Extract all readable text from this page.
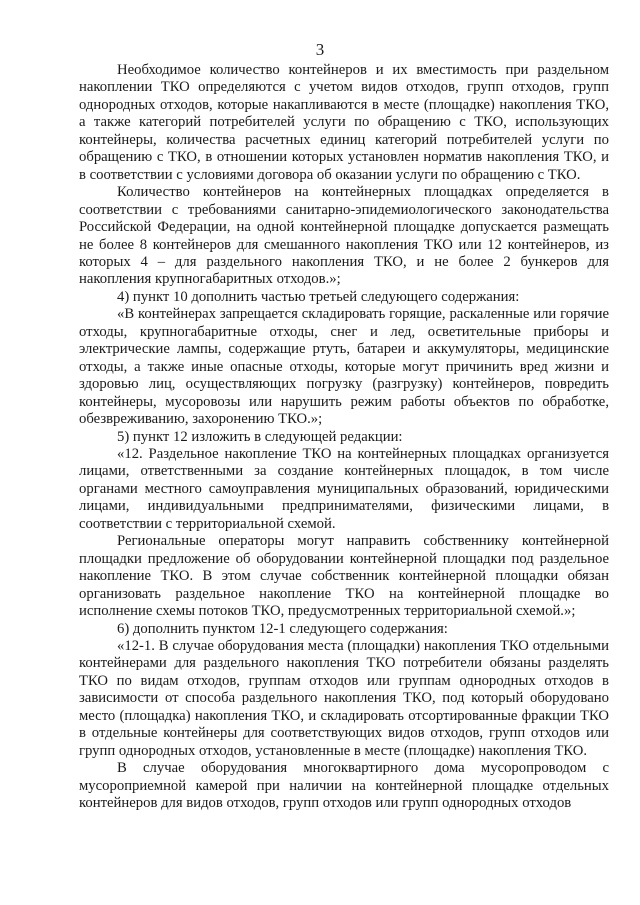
3

Необходимое количество контейнеров и их вместимость при раздельном накоплении ТКО определяются с учетом видов отходов, групп отходов, групп однородных отходов, которые накапливаются в месте (площадке) накопления ТКО, а также категорий потребителей услуги по обращению с ТКО, использующих контейнеры, количества расчетных единиц категорий потребителей услуги по обращению с ТКО, в отношении которых установлен норматив накопления ТКО, и в соответствии с условиями договора об оказании услуги по обращению с ТКО.

Количество контейнеров на контейнерных площадках определяется в соответствии с требованиями санитарно-эпидемиологического законодательства Российской Федерации, на одной контейнерной площадке допускается размещать не более 8 контейнеров для смешанного накопления ТКО или 12 контейнеров, из которых 4 – для раздельного накопления ТКО, и не более 2 бункеров для накопления крупногабаритных отходов.»;

4) пункт 10 дополнить частью третьей следующего содержания:

«В контейнерах запрещается складировать горящие, раскаленные или горячие отходы, крупногабаритные отходы, снег и лед, осветительные приборы и электрические лампы, содержащие ртуть, батареи и аккумуляторы, медицинские отходы, а также иные опасные отходы, которые могут причинить вред жизни и здоровью лиц, осуществляющих погрузку (разгрузку) контейнеров, повредить контейнеры, мусоровозы или нарушить режим работы объектов по обработке, обезвреживанию, захоронению ТКО.»;

5) пункт 12 изложить в следующей редакции:

«12. Раздельное накопление ТКО на контейнерных площадках организуется лицами, ответственными за создание контейнерных площадок, в том числе органами местного самоуправления муниципальных образований, юридическими лицами, индивидуальными предпринимателями, физическими лицами, в соответствии с территориальной схемой.

Региональные операторы могут направить собственнику контейнерной площадки предложение об оборудовании контейнерной площадки под раздельное накопление ТКО. В этом случае собственник контейнерной площадки обязан организовать раздельное накопление ТКО на контейнерной площадке во исполнение схемы потоков ТКО, предусмотренных территориальной схемой.»;

6) дополнить пунктом 12-1 следующего содержания:

«12-1. В случае оборудования места (площадки) накопления ТКО отдельными контейнерами для раздельного накопления ТКО потребители обязаны разделять ТКО по видам отходов, группам отходов или группам однородных отходов в зависимости от способа раздельного накопления ТКО, под который оборудовано место (площадка) накопления ТКО, и складировать отсортированные фракции ТКО в отдельные контейнеры для соответствующих видов отходов, групп отходов или групп однородных отходов, установленные в месте (площадке) накопления ТКО.

В случае оборудования многоквартирного дома мусоропроводом с мусороприемной камерой при наличии на контейнерной площадке отдельных контейнеров для видов отходов, групп отходов или групп однородных отходов
